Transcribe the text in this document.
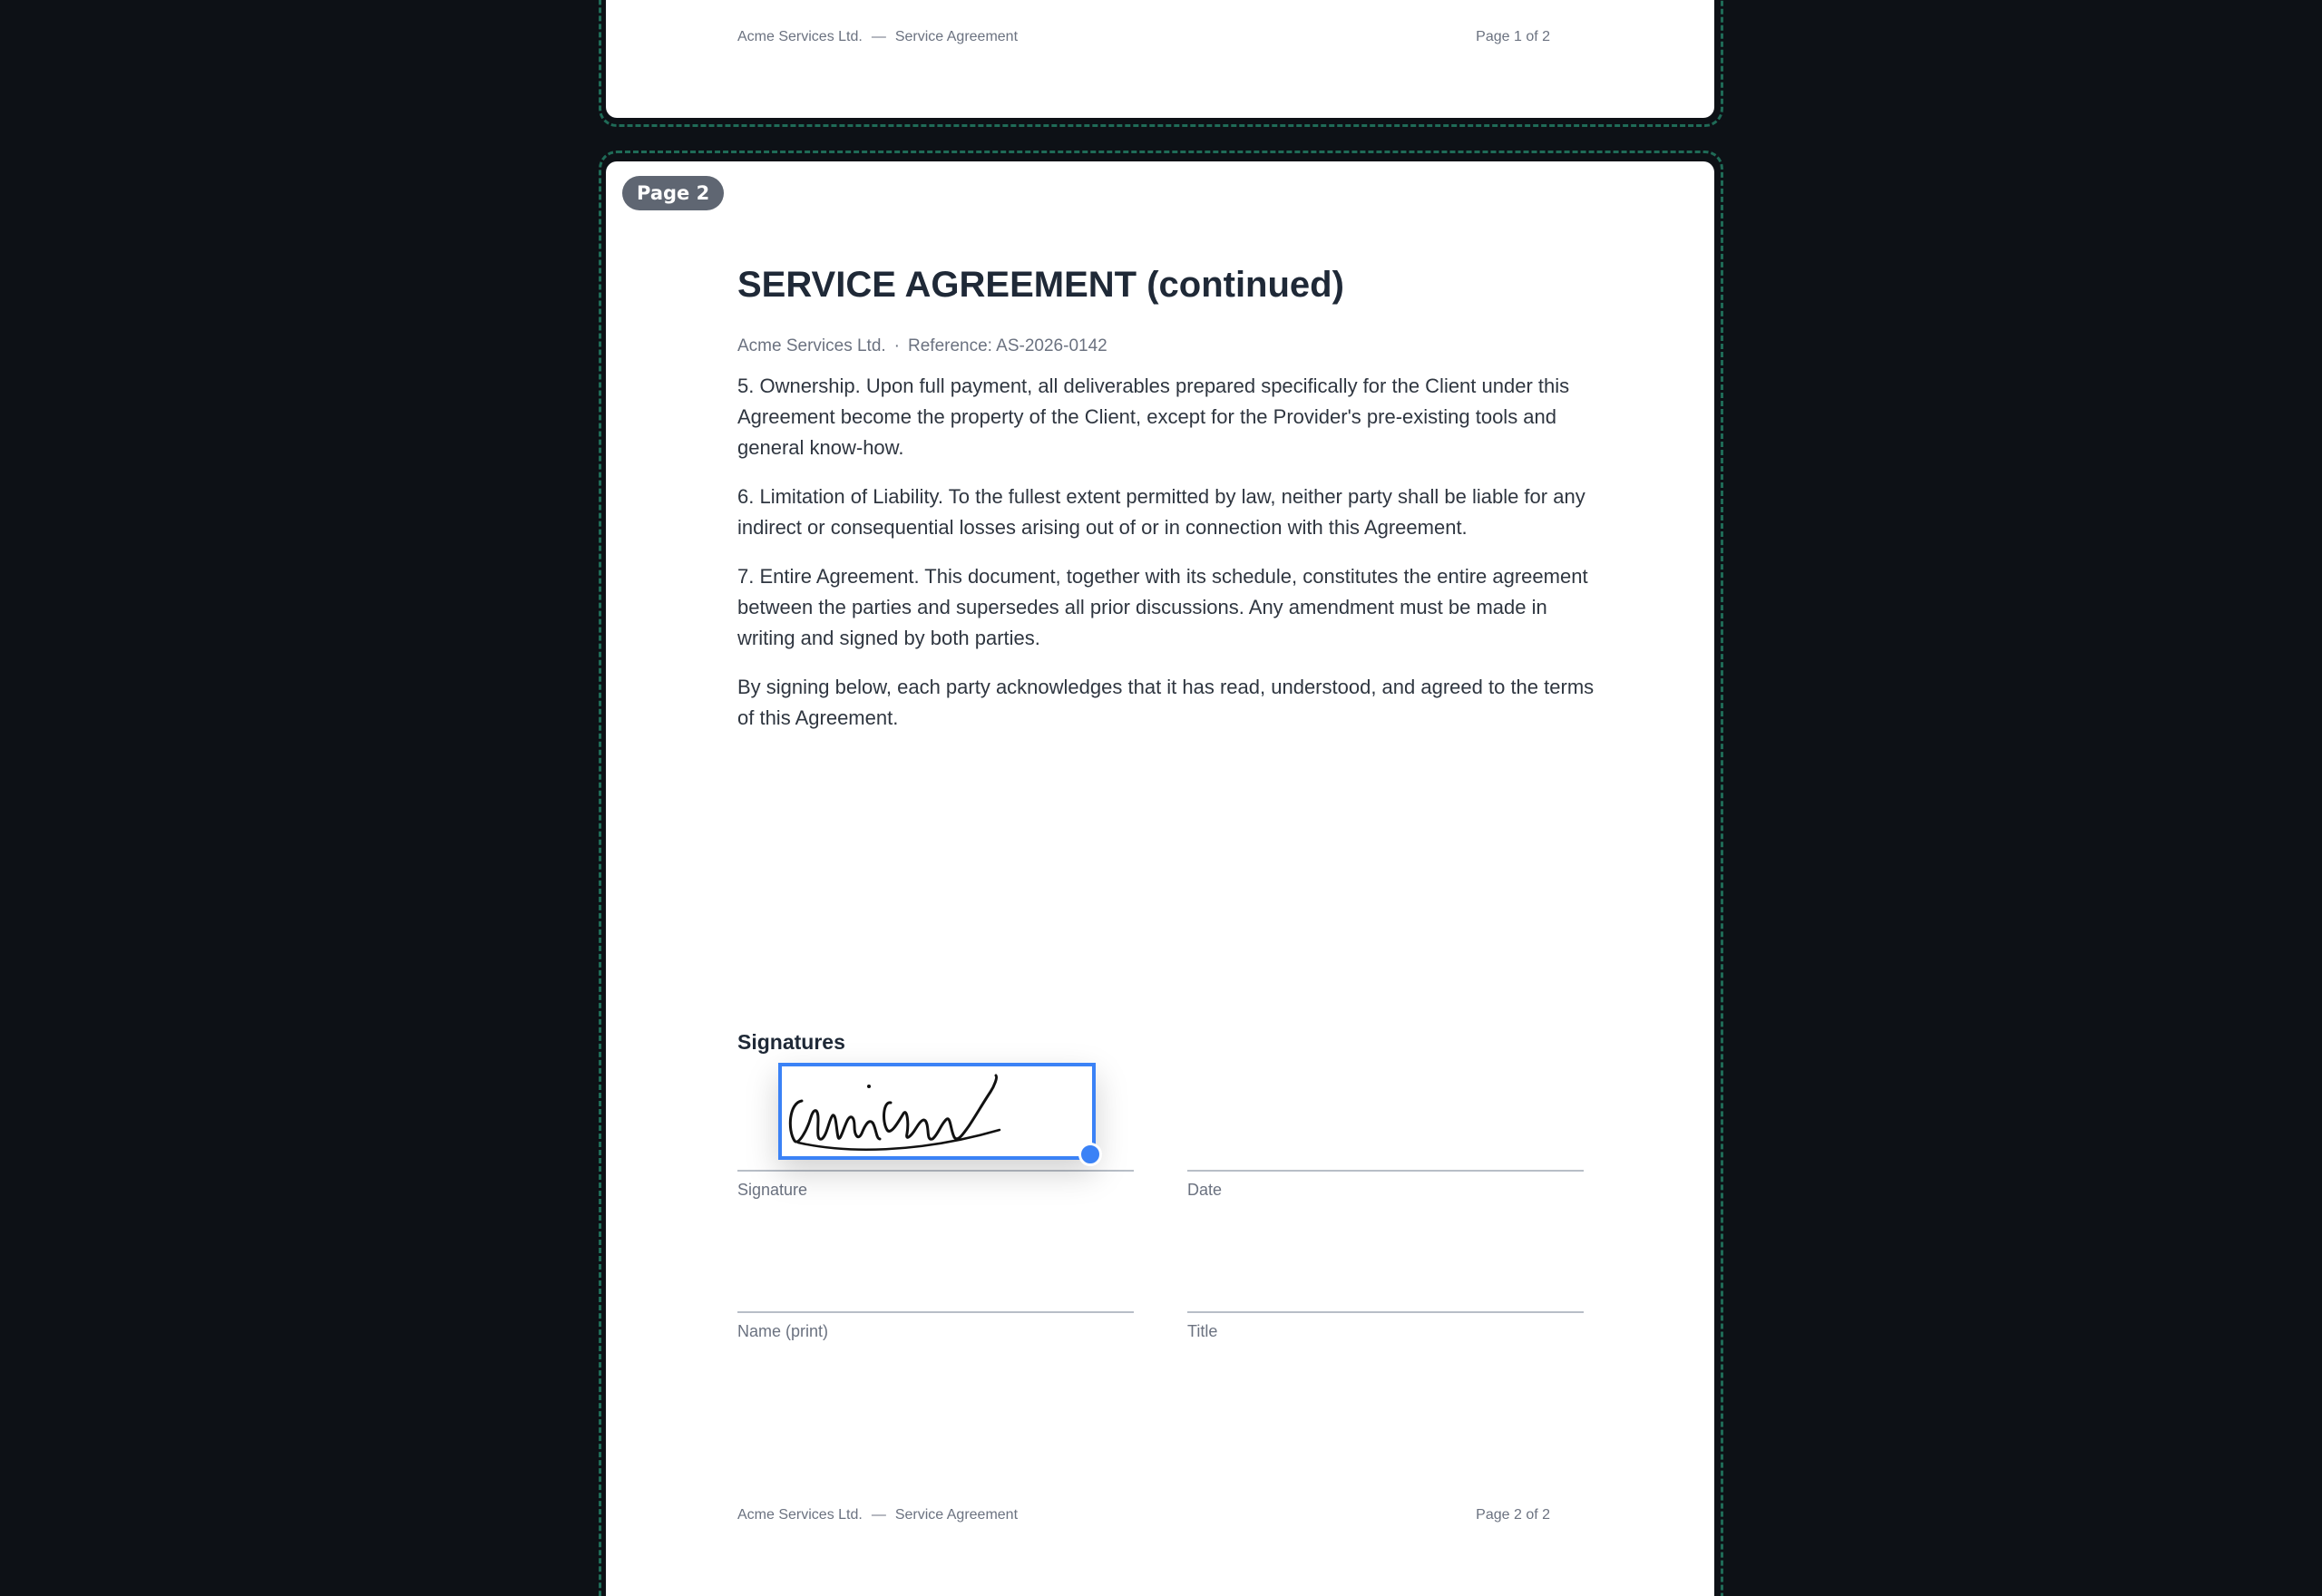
Acme Services Ltd. — Service Agreement	Page 1 of 2
Page 2
SERVICE AGREEMENT (continued)
Acme Services Ltd. · Reference: AS-2026-0142

5. Ownership. Upon full payment, all deliverables prepared specifically for the Client under this Agreement become the property of the Client, except for the Provider's pre-existing tools and general know-how.

6. Limitation of Liability. To the fullest extent permitted by law, neither party shall be liable for any indirect or consequential losses arising out of or in connection with this Agreement.

7. Entire Agreement. This document, together with its schedule, constitutes the entire agreement between the parties and supersedes all prior discussions. Any amendment must be made in writing and signed by both parties.

By signing below, each party acknowledges that it has read, understood, and agreed to the terms of this Agreement.

Signatures
Signature	Date
Name (print)	Title
Acme Services Ltd. — Service Agreement	Page 2 of 2
